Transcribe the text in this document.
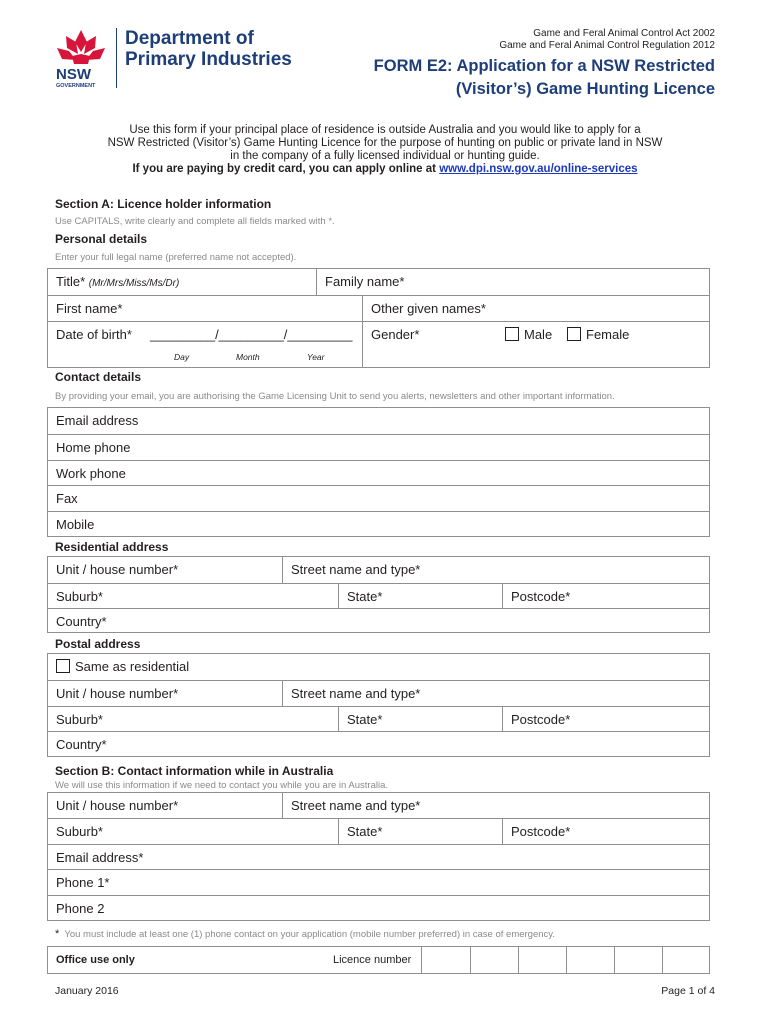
NSW
GOVERNMENT
Department of
Primary Industries
Game and Feral Animal Control Act 2002
Game and Feral Animal Control Regulation 2012
FORM E2: Application for a NSW Restricted
(Visitor’s) Game Hunting Licence
Use this form if your principal place of residence is outside Australia and you would like to apply for a
NSW Restricted (Visitor’s) Game Hunting Licence for the purpose of hunting on public or private land in NSW
in the company of a fully licensed individual or hunting guide.
If you are paying by credit card, you can apply online at www.dpi.nsw.gov.au/online-services
Section A: Licence holder information
Use CAPITALS, write clearly and complete all fields marked with *.
Personal details
Enter your full legal name (preferred name not accepted).
Title* (Mr/Mrs/Miss/Ms/Dr)	Family name*
First name*	Other given names*
Date of birth* _________/_________/_________
Day	Month	Year
Gender*	Male	Female
Contact details
By providing your email, you are authorising the Game Licensing Unit to send you alerts, newsletters and other important information.
Email address
Home phone
Work phone
Fax
Mobile
Residential address
Unit / house number*	Street name and type*
Suburb*	State*	Postcode*
Country*
Postal address
Same as residential
Unit / house number*	Street name and type*
Suburb*	State*	Postcode*
Country*
Section B: Contact information while in Australia
We will use this information if we need to contact you while you are in Australia.
Unit / house number*	Street name and type*
Suburb*	State*	Postcode*
Email address*
Phone 1*
Phone 2
* You must include at least one (1) phone contact on your application (mobile number preferred) in case of emergency.
Office use only	Licence number
January 2016	Page 1 of 4
